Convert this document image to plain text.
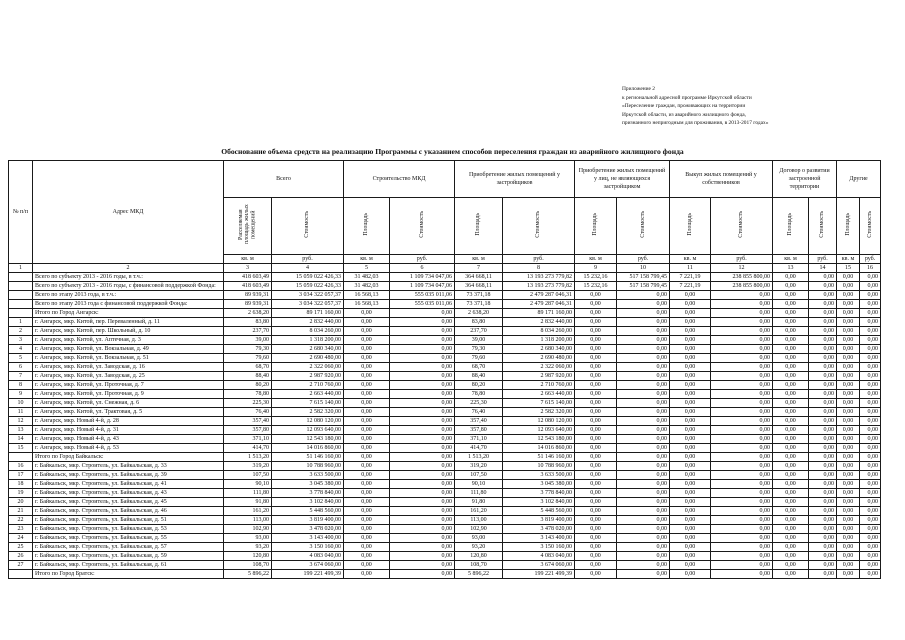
Приложение 2
к региональной адресной программе Иркутской области
«Переселение граждан, проживающих на территории
Иркутской области, из аварийного жилищного фонда,
признанного непригодным для проживания, в 2013-2017 годах»
Обоснование объема средств на реализацию Программы с указанием способов переселения граждан из аварийного жилищного фонда
№ п/п	Адрес МКД	Всего		Строительство МКД		Приобретение жилых помещений у застройщиков		Приобретение жилых помещений у лиц, не являющихся застройщиком		Выкуп жилых помещений у собственников		Договор о развитии застроенной территории		Другие	
		Расселяемая площадь жилых помещений	Стоимость	Площадь	Стоимость	Площадь	Стоимость	Площадь	Стоимость	Площадь	Стоимость	Площадь	Стоимость	Площадь	Стоимость
		кв. м	руб.	кв. м	руб.	кв. м	руб.	кв. м	руб.	кв. м	руб.	кв. м	руб.	кв. м	руб.
1	2	3	4	5	6	7	8	9	10	11	12	13	14	15	16
	Всего по субъекту 2013 - 2016 годы, в т.ч.:	418 603,49	15 059 022 426,33	31 482,03	1 109 734 047,06	364 668,11	13 193 273 779,82	15 232,16	517 158 799,45	7 221,19	238 855 800,00	0,00	0,00	0,00	0,00
	Всего по субъекту 2013 - 2016 годы, с финансовой поддержкой Фонда:	418 603,49	15 059 022 426,33	31 482,03	1 109 734 047,06	364 668,11	13 193 273 779,82	15 232,16	517 158 799,45	7 221,19	238 855 800,00	0,00	0,00	0,00	0,00
	Всего по этапу 2013 года, в т.ч.:	89 939,31	3 034 322 057,37	16 568,13	555 035 011,06	73 371,18	2 479 287 046,31	0,00	0,00	0,00	0,00	0,00	0,00	0,00	0,00
	Всего по этапу 2013 года с финансовой поддержкой Фонда:	89 939,31	3 034 322 057,37	16 568,13	555 035 011,06	73 371,18	2 479 287 046,31	0,00	0,00	0,00	0,00	0,00	0,00	0,00	0,00
	Итого по Город Ангарск:	2 638,20	89 171 160,00	0,00	0,00	2 638,20	89 171 160,00	0,00	0,00	0,00	0,00	0,00	0,00	0,00	0,00
1	г. Ангарск, мкр. Китой, пер. Переваленный, д. 11	83,80	2 832 440,00	0,00	0,00	83,80	2 832 440,00	0,00	0,00	0,00	0,00	0,00	0,00	0,00	0,00
2	г. Ангарск, мкр. Китой, пер. Школьный, д. 10	237,70	8 034 260,00	0,00	0,00	237,70	8 034 260,00	0,00	0,00	0,00	0,00	0,00	0,00	0,00	0,00
3	г. Ангарск, мкр. Китой, ул. Аптечная, д. 3	39,00	1 318 200,00	0,00	0,00	39,00	1 318 200,00	0,00	0,00	0,00	0,00	0,00	0,00	0,00	0,00
4	г. Ангарск, мкр. Китой, ул. Вокзальная, д. 49	79,30	2 680 340,00	0,00	0,00	79,30	2 680 340,00	0,00	0,00	0,00	0,00	0,00	0,00	0,00	0,00
5	г. Ангарск, мкр. Китой, ул. Вокзальная, д. 51	79,60	2 690 480,00	0,00	0,00	79,60	2 690 480,00	0,00	0,00	0,00	0,00	0,00	0,00	0,00	0,00
6	г. Ангарск, мкр. Китой, ул. Заводская, д. 16	68,70	2 322 060,00	0,00	0,00	68,70	2 322 060,00	0,00	0,00	0,00	0,00	0,00	0,00	0,00	0,00
7	г. Ангарск, мкр. Китой, ул. Заводская, д. 25	88,40	2 987 920,00	0,00	0,00	88,40	2 987 920,00	0,00	0,00	0,00	0,00	0,00	0,00	0,00	0,00
8	г. Ангарск, мкр. Китой, ул. Проточная, д. 7	80,20	2 710 760,00	0,00	0,00	80,20	2 710 760,00	0,00	0,00	0,00	0,00	0,00	0,00	0,00	0,00
9	г. Ангарск, мкр. Китой, ул. Проточная, д. 9	78,80	2 663 440,00	0,00	0,00	78,80	2 663 440,00	0,00	0,00	0,00	0,00	0,00	0,00	0,00	0,00
10	г. Ангарск, мкр. Китой, ул. Снежная, д. 6	225,30	7 615 140,00	0,00	0,00	225,30	7 615 140,00	0,00	0,00	0,00	0,00	0,00	0,00	0,00	0,00
11	г. Ангарск, мкр. Китой, ул. Трактовая, д. 5	76,40	2 582 320,00	0,00	0,00	76,40	2 582 320,00	0,00	0,00	0,00	0,00	0,00	0,00	0,00	0,00
12	г. Ангарск, мкр. Новый 4-й, д. 28	357,40	12 080 120,00	0,00	0,00	357,40	12 080 120,00	0,00	0,00	0,00	0,00	0,00	0,00	0,00	0,00
13	г. Ангарск, мкр. Новый 4-й, д. 31	357,80	12 093 640,00	0,00	0,00	357,80	12 093 640,00	0,00	0,00	0,00	0,00	0,00	0,00	0,00	0,00
14	г. Ангарск, мкр. Новый 4-й, д. 43	371,10	12 543 180,00	0,00	0,00	371,10	12 543 180,00	0,00	0,00	0,00	0,00	0,00	0,00	0,00	0,00
15	г. Ангарск, мкр. Новый 4-й, д. 53	414,70	14 016 860,00	0,00	0,00	414,70	14 016 860,00	0,00	0,00	0,00	0,00	0,00	0,00	0,00	0,00
	Итого по Город Байкальск:	1 513,20	51 146 160,00	0,00	0,00	1 513,20	51 146 160,00	0,00	0,00	0,00	0,00	0,00	0,00	0,00	0,00
16	г. Байкальск, мкр. Строитель, ул. Байкальская, д. 33	319,20	10 788 960,00	0,00	0,00	319,20	10 788 960,00	0,00	0,00	0,00	0,00	0,00	0,00	0,00	0,00
17	г. Байкальск, мкр. Строитель, ул. Байкальская, д. 39	107,50	3 633 500,00	0,00	0,00	107,50	3 633 500,00	0,00	0,00	0,00	0,00	0,00	0,00	0,00	0,00
18	г. Байкальск, мкр. Строитель, ул. Байкальская, д. 41	90,10	3 045 380,00	0,00	0,00	90,10	3 045 380,00	0,00	0,00	0,00	0,00	0,00	0,00	0,00	0,00
19	г. Байкальск, мкр. Строитель, ул. Байкальская, д. 43	111,80	3 778 840,00	0,00	0,00	111,80	3 778 840,00	0,00	0,00	0,00	0,00	0,00	0,00	0,00	0,00
20	г. Байкальск, мкр. Строитель, ул. Байкальская, д. 45	91,80	3 102 840,00	0,00	0,00	91,80	3 102 840,00	0,00	0,00	0,00	0,00	0,00	0,00	0,00	0,00
21	г. Байкальск, мкр. Строитель, ул. Байкальская, д. 46	161,20	5 448 560,00	0,00	0,00	161,20	5 448 560,00	0,00	0,00	0,00	0,00	0,00	0,00	0,00	0,00
22	г. Байкальск, мкр. Строитель, ул. Байкальская, д. 51	113,00	3 819 400,00	0,00	0,00	113,00	3 819 400,00	0,00	0,00	0,00	0,00	0,00	0,00	0,00	0,00
23	г. Байкальск, мкр. Строитель, ул. Байкальская, д. 53	102,90	3 478 020,00	0,00	0,00	102,90	3 478 020,00	0,00	0,00	0,00	0,00	0,00	0,00	0,00	0,00
24	г. Байкальск, мкр. Строитель, ул. Байкальская, д. 55	93,00	3 143 400,00	0,00	0,00	93,00	3 143 400,00	0,00	0,00	0,00	0,00	0,00	0,00	0,00	0,00
25	г. Байкальск, мкр. Строитель, ул. Байкальская, д. 57	93,20	3 150 160,00	0,00	0,00	93,20	3 150 160,00	0,00	0,00	0,00	0,00	0,00	0,00	0,00	0,00
26	г. Байкальск, мкр. Строитель, ул. Байкальская, д. 59	120,80	4 083 040,00	0,00	0,00	120,80	4 083 040,00	0,00	0,00	0,00	0,00	0,00	0,00	0,00	0,00
27	г. Байкальск, мкр. Строитель, ул. Байкальская, д. 61	108,70	3 674 060,00	0,00	0,00	108,70	3 674 060,00	0,00	0,00	0,00	0,00	0,00	0,00	0,00	0,00
	Итого по Город Братск:	5 896,22	199 221 499,39	0,00	0,00	5 896,22	199 221 499,39	0,00	0,00	0,00	0,00	0,00	0,00	0,00	0,00
